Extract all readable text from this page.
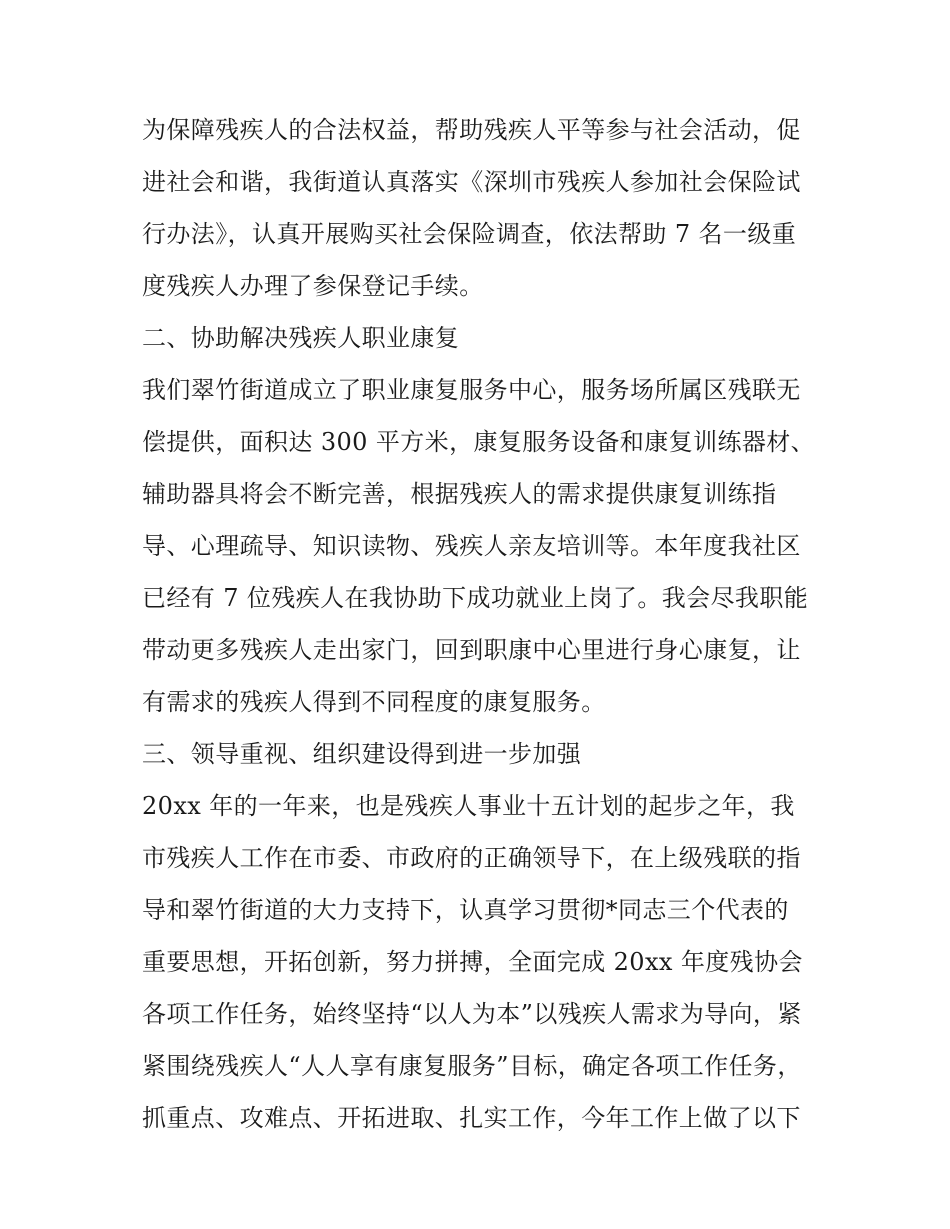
为保障残疾人的合法权益，帮助残疾人平等参与社会活动，促
进社会和谐，我街道认真落实《深圳市残疾人参加社会保险试
行办法》，认真开展购买社会保险调查，依法帮助 7 名一级重
度残疾人办理了参保登记手续。
二、协助解决残疾人职业康复
我们翠竹街道成立了职业康复服务中心，服务场所属区残联无
偿提供，面积达 300 平方米，康复服务设备和康复训练器材、
辅助器具将会不断完善，根据残疾人的需求提供康复训练指
导、心理疏导、知识读物、残疾人亲友培训等。本年度我社区
已经有 7 位残疾人在我协助下成功就业上岗了。我会尽我职能
带动更多残疾人走出家门，回到职康中心里进行身心康复，让
有需求的残疾人得到不同程度的康复服务。
三、领导重视、组织建设得到进一步加强
20xx 年的一年来，也是残疾人事业十五计划的起步之年，我
市残疾人工作在市委、市政府的正确领导下，在上级残联的指
导和翠竹街道的大力支持下，认真学习贯彻*同志三个代表的
重要思想，开拓创新，努力拼搏，全面完成 20xx 年度残协会
各项工作任务，始终坚持“以人为本”以残疾人需求为导向，紧
紧围绕残疾人“人人享有康复服务”目标，确定各项工作任务，
抓重点、攻难点、开拓进取、扎实工作，今年工作上做了以下
